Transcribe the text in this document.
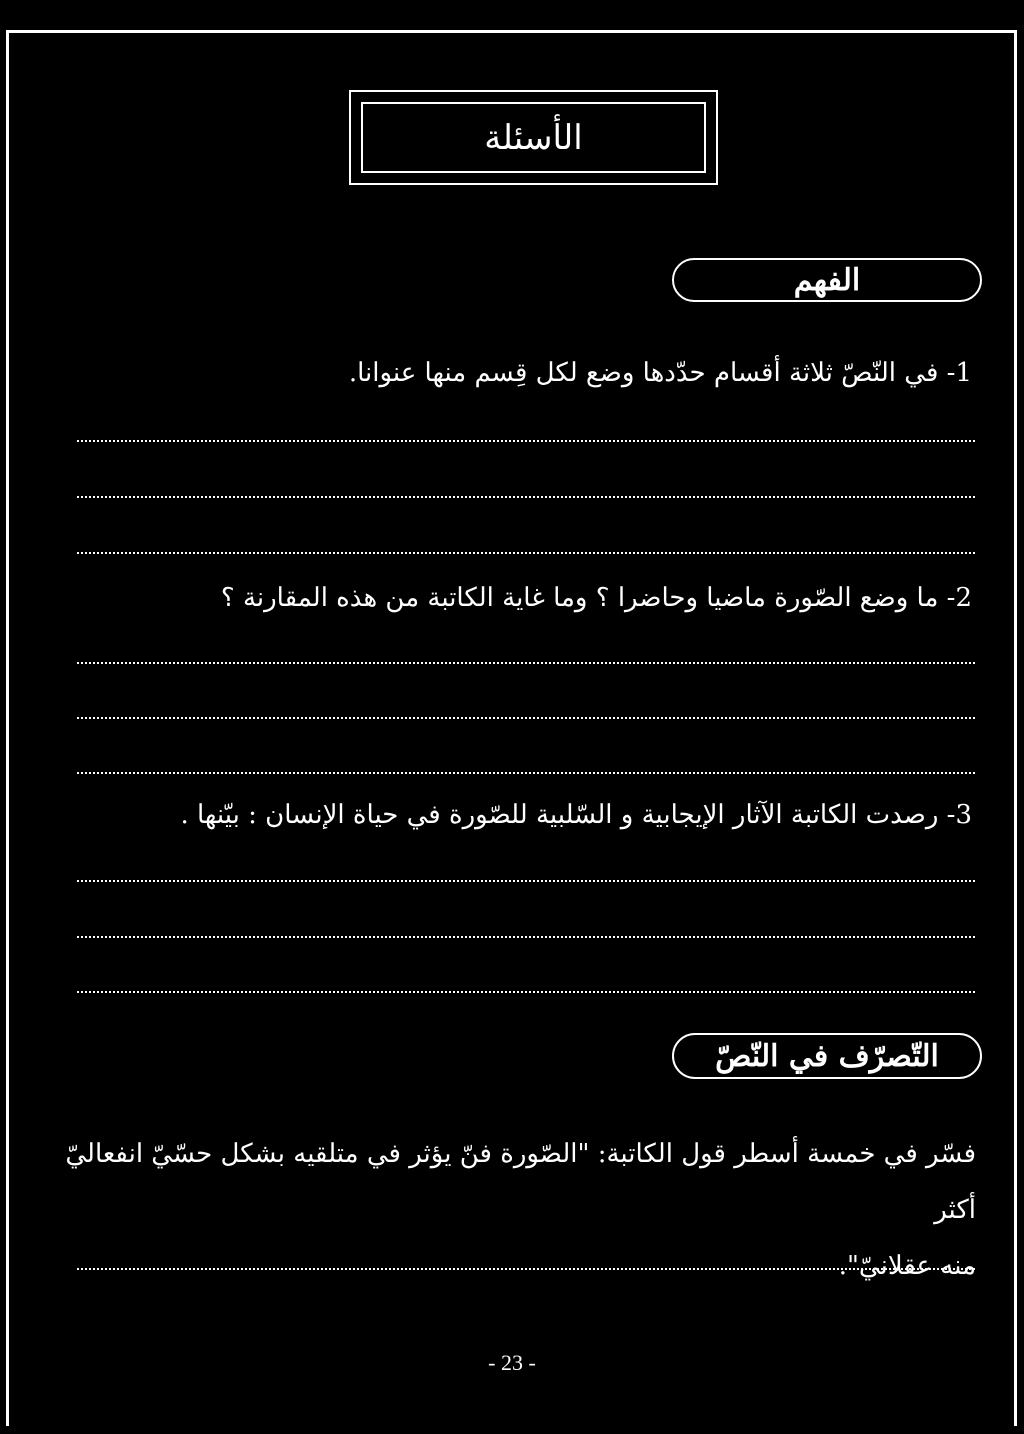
الأسئلة
الفهم
1- في النّصّ ثلاثة أقسام حدّدها وضع لكل قِسم منها عنوانا.
2- ما وضع الصّورة ماضيا وحاضرا ؟ وما غاية الكاتبة من هذه المقارنة ؟
3- رصدت الكاتبة الآثار الإيجابية و السّلبية للصّورة في حياة الإنسان : بيّنها .
التّصرّف في النّصّ
فسّر في خمسة أسطر قول الكاتبة: "الصّورة فنّ يؤثر في متلقيه بشكل حسّيّ انفعاليّ أكثر
منه عقلانيّ".
- 23 -
